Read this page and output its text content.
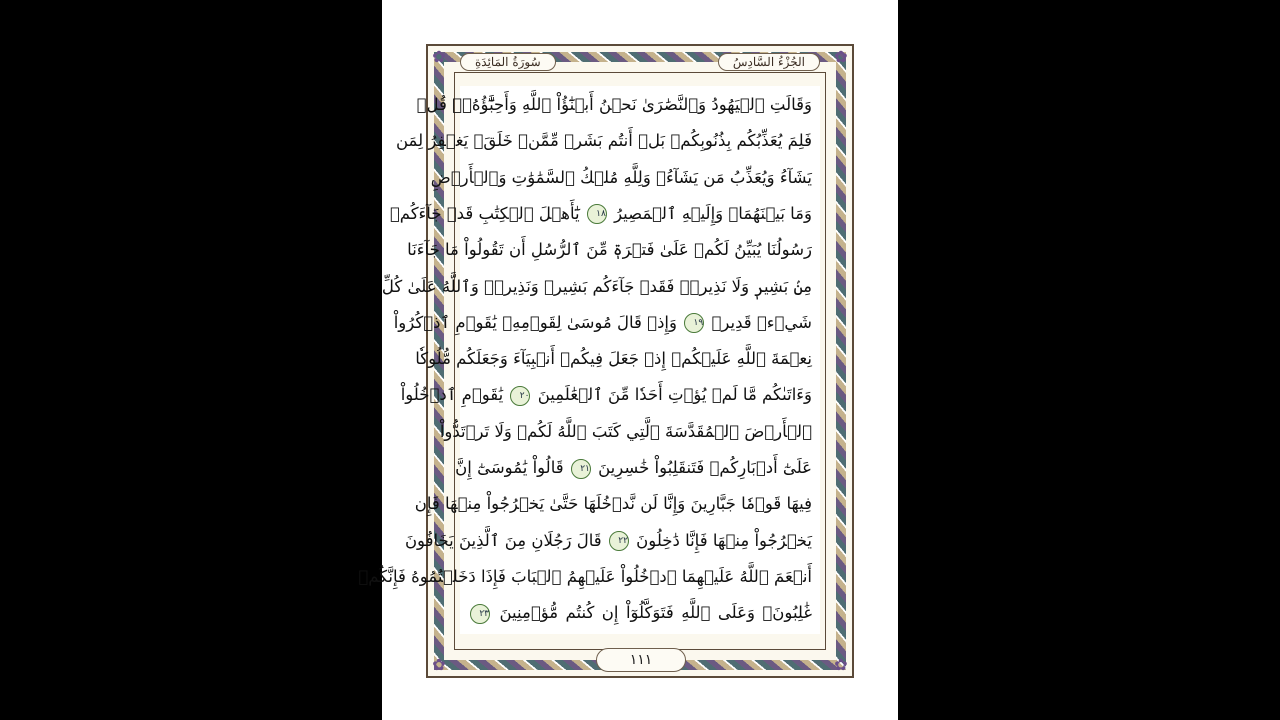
✿	✿
✿	✿
سُورَةُ المَائِدَةِ	الجُزْءُ السَّادِسُ
وَقَالَتِ ٱلۡيَهُودُ وَٱلنَّصَٰرَىٰ نَحۡنُ أَبۡنَٰٓؤُاْ ٱللَّهِ وَأَحِبَّٰٓؤُهُۥۚ قُلۡ
فَلِمَ يُعَذِّبُكُم بِذُنُوبِكُمۖ بَلۡ أَنتُم بَشَرٞ مِّمَّنۡ خَلَقَۚ يَغۡفِرُ لِمَن
يَشَآءُ وَيُعَذِّبُ مَن يَشَآءُۚ وَلِلَّهِ مُلۡكُ ٱلسَّمَٰوَٰتِ وَٱلۡأَرۡضِ
وَمَا بَيۡنَهُمَاۖ وَإِلَيۡهِ ٱلۡمَصِيرُ ١٨ يَٰٓأَهۡلَ ٱلۡكِتَٰبِ قَدۡ جَآءَكُمۡ
رَسُولُنَا يُبَيِّنُ لَكُمۡ عَلَىٰ فَتۡرَةٖ مِّنَ ٱلرُّسُلِ أَن تَقُولُواْ مَا جَآءَنَا
مِنۢ بَشِيرٖ وَلَا نَذِيرٖۖ فَقَدۡ جَآءَكُم بَشِيرٞ وَنَذِيرٞۗ وَٱللَّهُ عَلَىٰ كُلِّ
شَيۡءٖ قَدِيرٞ ١٩ وَإِذۡ قَالَ مُوسَىٰ لِقَوۡمِهِۦ يَٰقَوۡمِ ٱذۡكُرُواْ
نِعۡمَةَ ٱللَّهِ عَلَيۡكُمۡ إِذۡ جَعَلَ فِيكُمۡ أَنۢبِيَآءَ وَجَعَلَكُم مُّلُوكٗا
وَءَاتَىٰكُم مَّا لَمۡ يُؤۡتِ أَحَدٗا مِّنَ ٱلۡعَٰلَمِينَ ٢٠ يَٰقَوۡمِ ٱدۡخُلُواْ
ٱلۡأَرۡضَ ٱلۡمُقَدَّسَةَ ٱلَّتِي كَتَبَ ٱللَّهُ لَكُمۡ وَلَا تَرۡتَدُّواْ
عَلَىٰٓ أَدۡبَارِكُمۡ فَتَنقَلِبُواْ خَٰسِرِينَ ٢١ قَالُواْ يَٰمُوسَىٰٓ إِنَّ
فِيهَا قَوۡمٗا جَبَّارِينَ وَإِنَّا لَن نَّدۡخُلَهَا حَتَّىٰ يَخۡرُجُواْ مِنۡهَا فَإِن
يَخۡرُجُواْ مِنۡهَا فَإِنَّا دَٰخِلُونَ ٢٢ قَالَ رَجُلَانِ مِنَ ٱلَّذِينَ يَخَافُونَ
أَنۡعَمَ ٱللَّهُ عَلَيۡهِمَا ٱدۡخُلُواْ عَلَيۡهِمُ ٱلۡبَابَ فَإِذَا دَخَلۡتُمُوهُ فَإِنَّكُمۡ
غَٰلِبُونَۚ وَعَلَى ٱللَّهِ فَتَوَكَّلُوٓاْ إِن كُنتُم مُّؤۡمِنِينَ ٢٣
١١١
